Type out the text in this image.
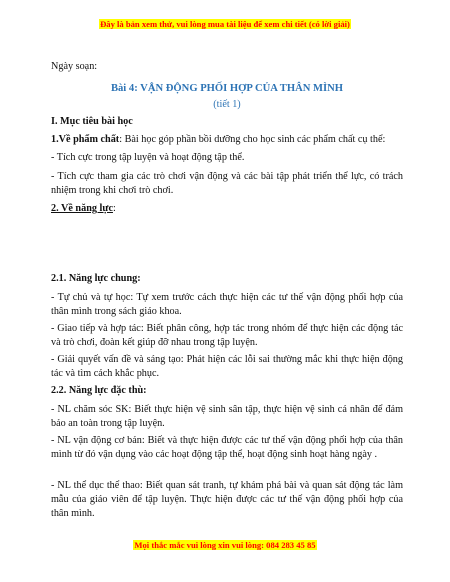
Đây là bản xem thử, vui lòng mua tài liệu để xem chi tiết (có lời giải)
Ngày soạn:
Bài 4: VẬN ĐỘNG PHỐI HỢP CỦA THÂN MÌNH
(tiết 1)
I. Mục tiêu bài học
1.Về phẩm chất: Bài học góp phần bồi dưỡng cho học sinh các phẩm chất cụ thể:
- Tích cực trong tập luyện và hoạt động tập thể.
- Tích cực tham gia các trò chơi vận động và các bài tập phát triển thể lực, có trách nhiệm trong khi chơi trò chơi.
2. Về năng lực:
2.1. Năng lực chung:
- Tự chủ và tự học: Tự xem trước cách thực hiện các tư thế vận động phối hợp của thân mình trong sách giáo khoa.
- Giao tiếp và hợp tác: Biết phân công, hợp tác trong nhóm để thực hiện các động tác và trò chơi, đoàn kết giúp đỡ nhau trong tập luyện.
- Giải quyết vấn đề và sáng tạo: Phát hiện các lỗi sai thường mắc khi thực hiện động tác và tìm cách khắc phục.
2.2. Năng lực đặc thù:
- NL chăm sóc SK: Biết thực hiện vệ sinh sân tập, thực hiện vệ sinh cá nhân để đảm bảo an toàn trong tập luyện.
- NL vận động cơ bản: Biết và thực hiện được các tư thế vận động phối hợp của thân mình từ đó vận dụng vào các hoạt động tập thể, hoạt động sinh hoạt hàng ngày .
- NL thể dục thể thao: Biết quan sát tranh, tự khám phá bài và quan sát động tác làm mẫu của giáo viên để tập luyện. Thực hiện được các tư thế vận động phối hợp của thân mình.
Mọi thắc mắc vui lòng xin vui lòng: 084 283 45 85
